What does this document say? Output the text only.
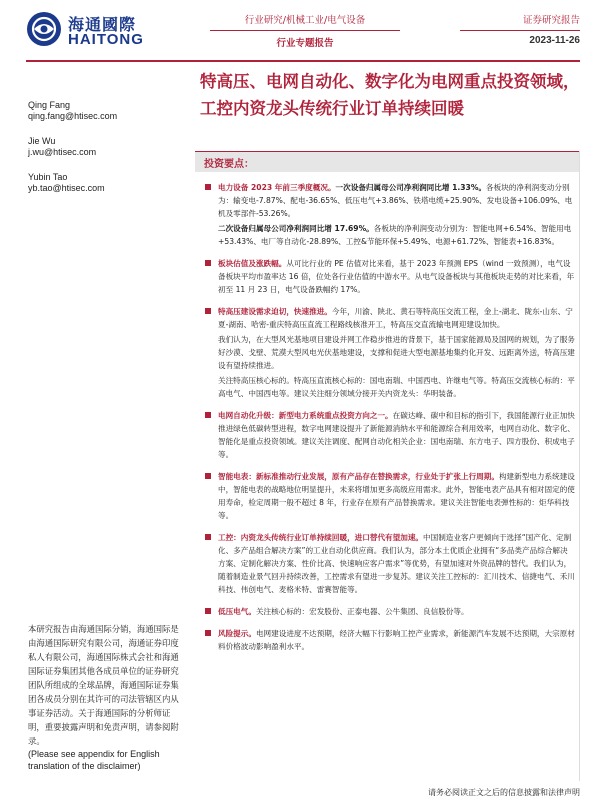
海通國際
HAITONG
行业研究/机械工业/电气设备
行业专题报告
证券研究报告
2023-11-26
特高压、电网自动化、数字化为电网重点投资领域，工控内资龙头传统行业订单持续回暖
Qing Fang
qing.fang@htisec.com
Jie Wu
j.wu@htisec.com
Yubin Tao
yb.tao@htisec.com
投资要点：

电力设备 2023 年前三季度概况。一次设备归属母公司净利润同比增 1.33%。各板块的净利润变动分别为：输变电-7.87%、配电-36.65%、低压电气+3.86%、铁塔电缆+25.90%、发电设备+106.09%、电机及零部件-53.26%。

二次设备归属母公司净利润同比增 17.69%。各板块的净利润变动分别为：智能电网+6.54%、智能用电+53.43%、电厂等自动化-28.89%、工控&节能环保+5.49%、电源+61.72%、智能表+16.83%。

板块估值及涨跌幅。从可比行业的 PE 估值对比来看，基于 2023 年预测 EPS（wind 一致预测），电气设备板块平均市盈率达 16 倍，位处各行业估值的中游水平。从电气设备板块与其他板块走势的对比来看，年初至 11 月 23 日，电气设备跌幅约 17%。

特高压建设需求迫切，快速推进。今年，川渝、陕北、黄石等特高压交流工程，金上-湖北、陇东-山东、宁夏-湖南、哈密-重庆特高压直流工程路线核准开工，特高压交直流输电网迎建设加快。

我们认为，在大型风光基地项目建设并网工作稳步推进的背景下，基于国家能源局及国网的规划，为了服务好沙漠、戈壁、荒漠大型风电光伏基地建设，支撑和促进大型电源基地集约化开发、远距离外送，特高压建设有望持续推进。

关注特高压核心标的。特高压直流核心标的：国电南瑞、中国西电、许继电气等。特高压交流核心标的：平高电气、中国西电等。建议关注细分领域分接开关内资龙头：华明装备。

电网自动化升级：新型电力系统重点投资方向之一。在碳达峰、碳中和目标的指引下，我国能源行业正加快推进绿色低碳转型进程，数字电网建设提升了新能源消纳水平和能源综合利用效率，电网自动化、数字化、智能化是重点投资领域。建议关注调度、配网自动化相关企业：国电南瑞、东方电子、四方股份、积成电子等。

智能电表：新标准推动行业发展，原有产品存在替换需求，行业处于扩张上行周期。构建新型电力系统建设中，智能电表的战略地位明显提升，未来将增加更多高级应用需求。此外，智能电表产品具有相对固定的使用寿命，检定周期一般不超过 8 年，行业存在原有产品替换需求。建议关注智能电表弹性标的：炬华科技等。

工控：内资龙头传统行业订单持续回暖，进口替代有望加速。中国制造业客户更倾向于选择“国产化、定制化、多产品组合解决方案”的工业自动化供应商。我们认为，部分本土优质企业拥有“多品类产品综合解决方案、定制化解决方案、性价比高、快速响应客户需求”等优势，有望加速对外资品牌的替代。我们认为，随着制造业景气回升持续改善，工控需求有望进一步复苏。建议关注工控标的：汇川技术、信捷电气、禾川科技、伟创电气、麦格米特、雷赛智能等。

低压电气。关注核心标的：宏发股份、正泰电器、公牛集团、良信股份等。

风险提示。电网建设进度不达预期，经济大幅下行影响工控产业需求，新能源汽车发展不达预期，大宗原材料价格波动影响盈利水平。

本研究报告由海通国际分销，海通国际是由海通国际研究有限公司，海通证券印度私人有限公司，海通国际株式会社和海通国际证券集团其他各成员单位的证券研究团队所组成的全球品牌，海通国际证券集团各成员分别在其许可的司法管辖区内从事证券活动。关于海通国际的分析师证明，重要披露声明和免责声明，请参阅附录。
(Please see appendix for English translation of the disclaimer)
请务必阅读正文之后的信息披露和法律声明
